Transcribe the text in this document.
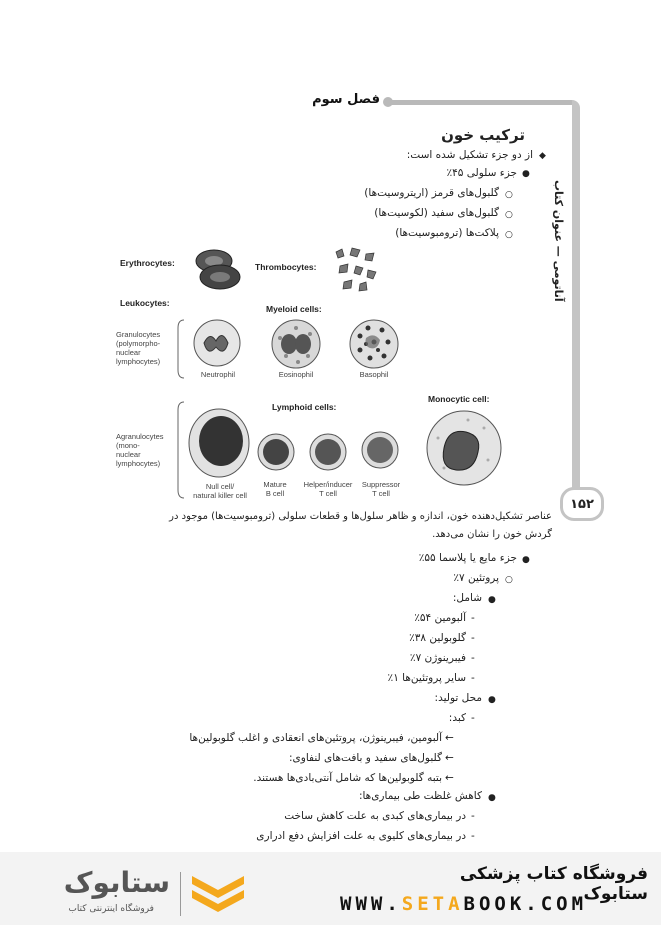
فصل سوم
آناتومی — عنوان کتاب
۱۵۲
ترکیب خون
◆
از دو جزء تشکیل شده است:
●
جزء سلولی ۴۵٪
○
گلبول‌های قرمز (اریتروسیت‌ها)
○
گلبول‌های سفید (لکوسیت‌ها)
○
پلاکت‌ها (ترومبوسیت‌ها)
Erythrocytes:	Thrombocytes:
Leukocytes:
Myeloid cells:
Granulocytes
(polymorpho-
nuclear
lymphocytes)
Neutrophil	Eosinophil	Basophil
Lymphoid cells:
Monocytic cell:
Agranulocytes
(mono-
nuclear
lymphocytes)
Null cell/
natural killer cell
Mature
B cell
Helper/inducer
T cell
Suppressor
T cell
عناصر تشکیل‌دهنده خون، اندازه و ظاهر سلول‌ها و قطعات سلولی (ترومبوسیت‌ها) موجود در
گردش خون را نشان می‌دهد.
●
جزء مایع یا پلاسما ۵۵٪
○
پروتئین ۷٪
●
شامل:
-
آلبومین ۵۴٪
-
گلوبولین ۳۸٪
-
فیبرینوژن ۷٪
-
سایر پروتئین‌ها ۱٪
●
محل تولید:
-
کبد:
←
آلبومین، فیبرینوژن، پروتئین‌های انعقادی و اغلب گلوبولین‌ها
←
گلبول‌های سفید و بافت‌های لنفاوی:
←
بتبه گلوبولین‌ها که شامل آنتی‌بادی‌ها هستند.
●
کاهش غلظت طی بیماری‌ها:
-
در بیماری‌های کبدی به علت کاهش ساخت
-
در بیماری‌های کلیوی به علت افزایش دفع ادراری
فروشگاه کتاب پزشکی ستابوک
WWW.SETABOOK.COM
ستابوک
فروشگاه اینترنتی کتاب
